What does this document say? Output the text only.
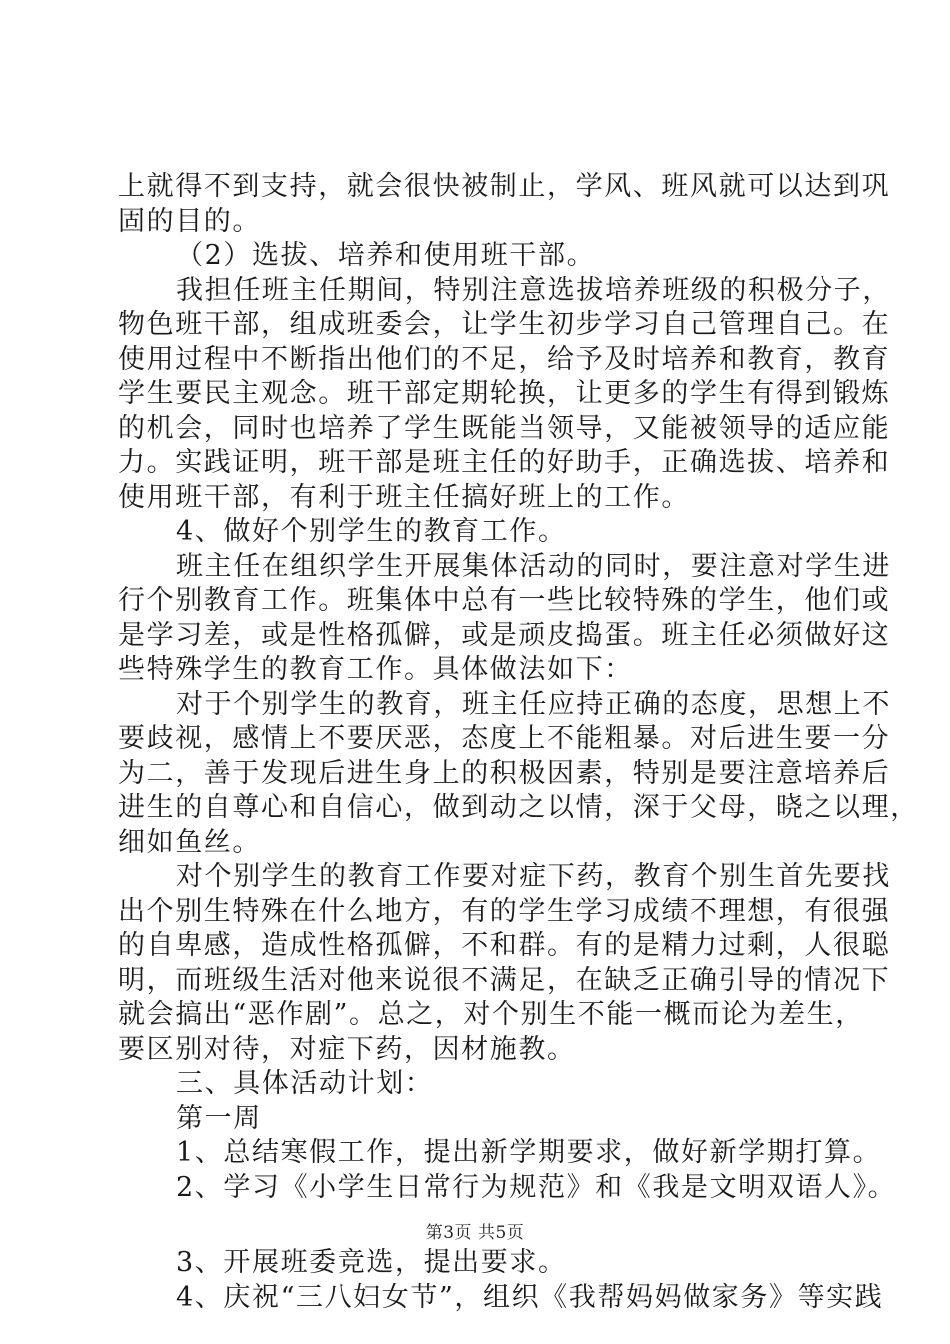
上就得不到支持，就会很快被制止，学风、班风就可以达到巩
固的目的。
（2）选拔、培养和使用班干部。
我担任班主任期间，特别注意选拔培养班级的积极分子，
物色班干部，组成班委会，让学生初步学习自己管理自己。在
使用过程中不断指出他们的不足，给予及时培养和教育，教育
学生要民主观念。班干部定期轮换，让更多的学生有得到锻炼
的机会，同时也培养了学生既能当领导，又能被领导的适应能
力。实践证明，班干部是班主任的好助手，正确选拔、培养和
使用班干部，有利于班主任搞好班上的工作。
4、做好个别学生的教育工作。
班主任在组织学生开展集体活动的同时，要注意对学生进
行个别教育工作。班集体中总有一些比较特殊的学生，他们或
是学习差，或是性格孤僻，或是顽皮捣蛋。班主任必须做好这
些特殊学生的教育工作。具体做法如下：
对于个别学生的教育，班主任应持正确的态度，思想上不
要歧视，感情上不要厌恶，态度上不能粗暴。对后进生要一分
为二，善于发现后进生身上的积极因素，特别是要注意培养后
进生的自尊心和自信心，做到动之以情，深于父母，晓之以理，
细如鱼丝。
对个别学生的教育工作要对症下药，教育个别生首先要找
出个别生特殊在什么地方，有的学生学习成绩不理想，有很强
的自卑感，造成性格孤僻，不和群。有的是精力过剩，人很聪
明，而班级生活对他来说很不满足，在缺乏正确引导的情况下
就会搞出“恶作剧”。总之，对个别生不能一概而论为差生，
要区别对待，对症下药，因材施教。
三、具体活动计划：
第一周
1、总结寒假工作，提出新学期要求，做好新学期打算。
2、学习《小学生日常行为规范》和《我是文明双语人》。
3、开展班委竞选，提出要求。
4、庆祝“三八妇女节”，组织《我帮妈妈做家务》等实践
第3页 共5页
